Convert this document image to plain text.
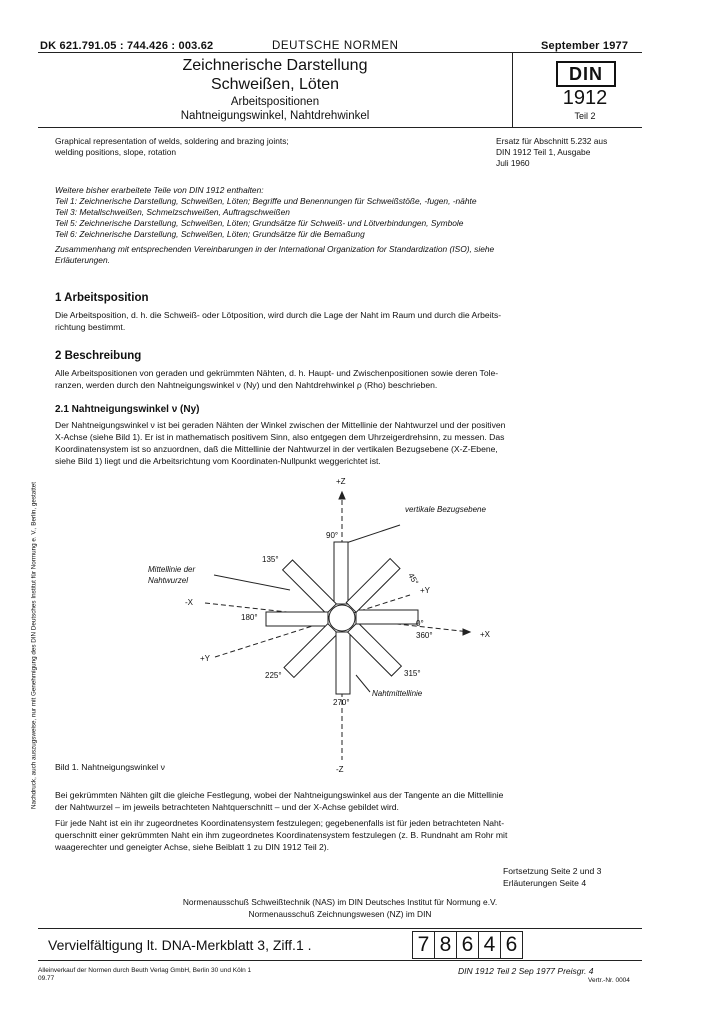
DK 621.791.05 : 744.426 : 003.62	DEUTSCHE NORMEN	September 1977
Zeichnerische Darstellung
Schweißen, Löten
Arbeitspositionen
Nahtneigungswinkel, Nahtdrehwinkel
DIN
1912
Teil 2
Graphical representation of welds, soldering and brazing joints;
welding positions, slope, rotation
Ersatz für Abschnitt 5.232 aus
DIN 1912 Teil 1, Ausgabe
Juli 1960
Weitere bisher erarbeitete Teile von DIN 1912 enthalten:
Teil 1: Zeichnerische Darstellung, Schweißen, Löten; Begriffe und Benennungen für Schweißstöße, -fugen, -nähte
Teil 3: Metallschweißen, Schmelzschweißen, Auftragschweißen
Teil 5: Zeichnerische Darstellung, Schweißen, Löten; Grundsätze für Schweiß- und Lötverbindungen, Symbole
Teil 6: Zeichnerische Darstellung, Schweißen, Löten; Grundsätze für die Bemaßung
Zusammenhang mit entsprechenden Vereinbarungen in der International Organization for Standardization (ISO), siehe
Erläuterungen.
1 Arbeitsposition
Die Arbeitsposition, d. h. die Schweiß- oder Lötposition, wird durch die Lage der Naht im Raum und durch die Arbeits-
richtung bestimmt.
2 Beschreibung
Alle Arbeitspositionen von geraden und gekrümmten Nähten, d. h. Haupt- und Zwischenpositionen sowie deren Tole-
ranzen, werden durch den Nahtneigungswinkel ν (Ny) und den Nahtdrehwinkel ρ (Rho) beschrieben.
2.1 Nahtneigungswinkel ν (Ny)
Der Nahtneigungswinkel ν ist bei geraden Nähten der Winkel zwischen der Mittellinie der Nahtwurzel und der positiven
X-Achse (siehe Bild 1). Er ist in mathematisch positivem Sinn, also entgegen dem Uhrzeigerdrehsinn, zu messen. Das
Koordinatensystem ist so anzuordnen, daß die Mittellinie der Nahtwurzel in der vertikalen Bezugsebene (X-Z-Ebene,
siehe Bild 1) liegt und die Arbeitsrichtung vom Koordinaten-Nullpunkt weggerichtet ist.
+Z
-Z
+X
-X
+Y
+Y
vertikale Bezugsebene
Mittellinie der
Nahtwurzel
Nahtmittellinie
45°
90°
135°
180°
225°
270°
315°
360°
0°
Bild 1. Nahtneigungswinkel ν
Bei gekrümmten Nähten gilt die gleiche Festlegung, wobei der Nahtneigungswinkel aus der Tangente an die Mittellinie
der Nahtwurzel – im jeweils betrachteten Nahtquerschnitt – und der X-Achse gebildet wird.
Für jede Naht ist ein ihr zugeordnetes Koordinatensystem festzulegen; gegebenenfalls ist für jeden betrachteten Naht-
querschnitt einer gekrümmten Naht ein ihm zugeordnetes Koordinatensystem festzulegen (z. B. Rundnaht am Rohr mit
waagerechter und geneigter Achse, siehe Beiblatt 1 zu DIN 1912 Teil 2).
Fortsetzung Seite 2 und 3
Erläuterungen Seite 4
Normenausschuß Schweißtechnik (NAS) im DIN Deutsches Institut für Normung e.V.
Normenausschuß Zeichnungswesen (NZ) im DIN
Vervielfältigung lt. DNA-Merkblatt 3, Ziff.1 .	7 8 6 4 6
Alleinverkauf der Normen durch Beuth Verlag GmbH, Berlin 30 und Köln 1
09.77
DIN 1912 Teil 2 Sep 1977 Preisgr. 4
Vertr.-Nr. 0004
Nachdruck, auch auszugsweise, nur mit Genehmigung des DIN Deutsches Institut für Normung e. V., Berlin, gestattet
